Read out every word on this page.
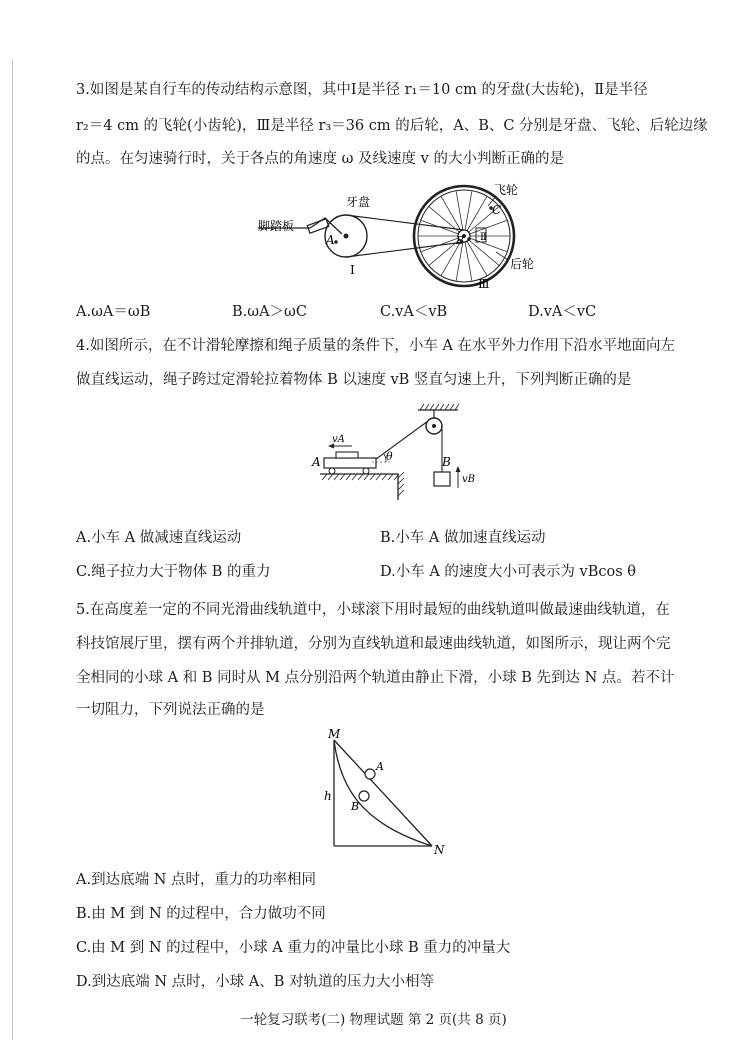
3.如图是某自行车的传动结构示意图，其中Ⅰ是半径 r₁＝10 cm 的牙盘(大齿轮)，Ⅱ是半径
r₂＝4 cm 的飞轮(小齿轮)，Ⅲ是半径 r₃＝36 cm 的后轮，A、B、C 分别是牙盘、飞轮、后轮边缘
的点。在匀速骑行时，关于各点的角速度 ω 及线速度 v 的大小判断正确的是
脚踏板
牙盘
飞轮
后轮
A	B
C
Ⅰ
Ⅱ
Ⅲ
A.ωA＝ωB	B.ωA＞ωC	C.vA＜vB	D.vA＜vC
4.如图所示，在不计滑轮摩擦和绳子质量的条件下，小车 A 在水平外力作用下沿水平地面向左
做直线运动，绳子跨过定滑轮拉着物体 B 以速度 vB 竖直匀速上升，下列判断正确的是
vA
A	θ	B
vB
A.小车 A 做减速直线运动	B.小车 A 做加速直线运动
C.绳子拉力大于物体 B 的重力	D.小车 A 的速度大小可表示为 vBcos θ
5.在高度差一定的不同光滑曲线轨道中，小球滚下用时最短的曲线轨道叫做最速曲线轨道，在
科技馆展厅里，摆有两个并排轨道，分别为直线轨道和最速曲线轨道，如图所示，现让两个完
全相同的小球 A 和 B 同时从 M 点分别沿两个轨道由静止下滑，小球 B 先到达 N 点。若不计
一切阻力，下列说法正确的是
M
A
h
B
N
A.到达底端 N 点时，重力的功率相同
B.由 M 到 N 的过程中，合力做功不同
C.由 M 到 N 的过程中，小球 A 重力的冲量比小球 B 重力的冲量大
D.到达底端 N 点时，小球 A、B 对轨道的压力大小相等
一轮复习联考(二) 物理试题 第 2 页(共 8 页)
